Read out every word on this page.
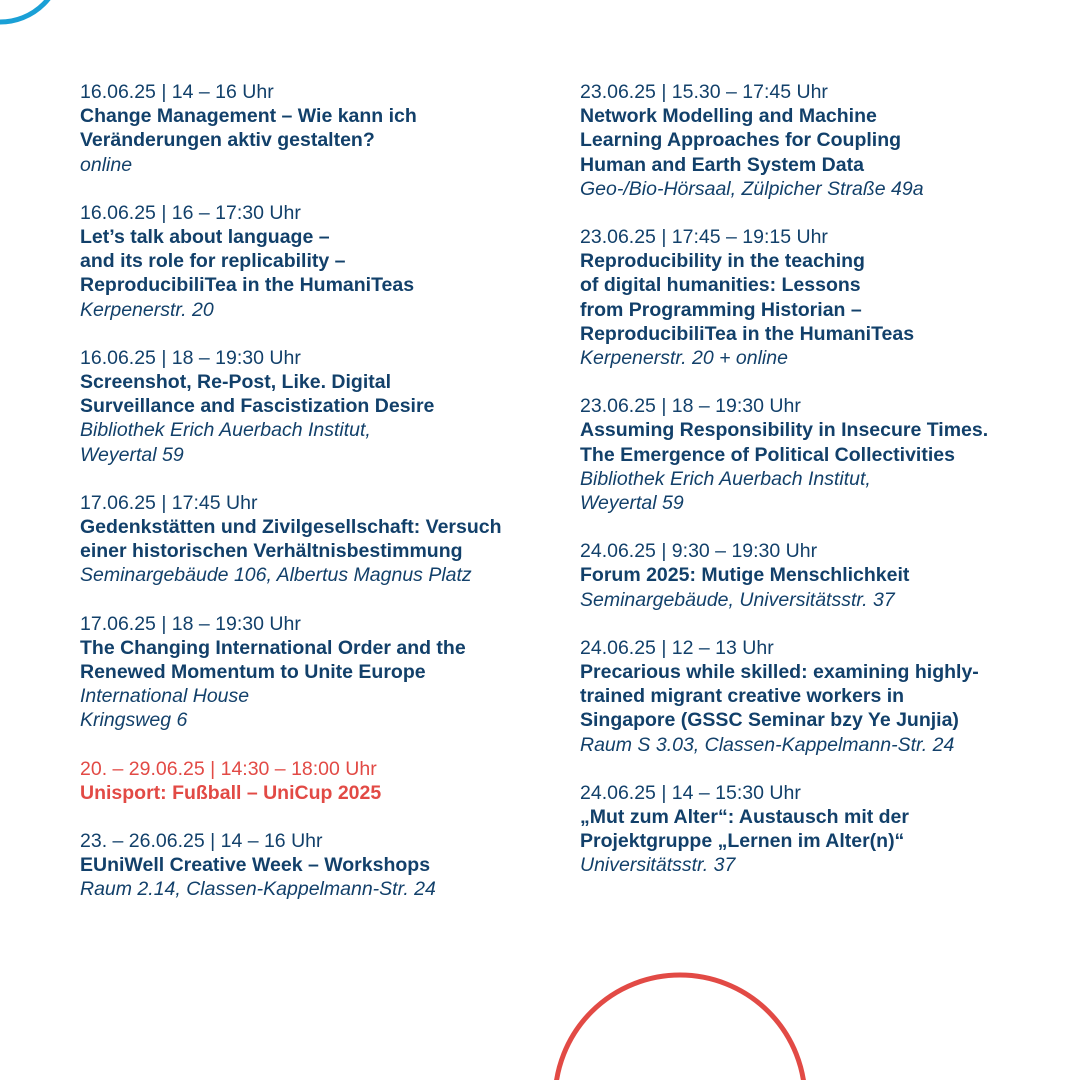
16.06.25 | 14 – 16 Uhr
Change Management – Wie kann ich
Veränderungen aktiv gestalten?
online
16.06.25 | 16 – 17:30 Uhr
Let’s talk about language –
and its role for replicability –
ReproducibiliTea in the HumaniTeas
Kerpenerstr. 20
16.06.25 | 18 – 19:30 Uhr
Screenshot, Re-Post, Like. Digital
Surveillance and Fascistization Desire
Bibliothek Erich Auerbach Institut,
Weyertal 59
17.06.25 | 17:45 Uhr
Gedenkstätten und Zivilgesellschaft: Versuch
einer historischen Verhältnisbestimmung
Seminargebäude 106, Albertus Magnus Platz
17.06.25 | 18 – 19:30 Uhr
The Changing International Order and the
Renewed Momentum to Unite Europe
International House
Kringsweg 6
20. – 29.06.25 | 14:30 – 18:00 Uhr
Unisport: Fußball – UniCup 2025
23. – 26.06.25 | 14 – 16 Uhr
EUniWell Creative Week – Workshops
Raum 2.14, Classen-Kappelmann-Str. 24
23.06.25 | 15.30 – 17:45 Uhr
Network Modelling and Machine
Learning Approaches for Coupling
Human and Earth System Data
Geo-/Bio-Hörsaal, Zülpicher Straße 49a
23.06.25 | 17:45 – 19:15 Uhr
Reproducibility in the teaching
of digital humanities: Lessons
from Programming Historian –
ReproducibiliTea in the HumaniTeas
Kerpenerstr. 20 + online
23.06.25 | 18 – 19:30 Uhr
Assuming Responsibility in Insecure Times.
The Emergence of Political Collectivities
Bibliothek Erich Auerbach Institut,
Weyertal 59
24.06.25 | 9:30 – 19:30 Uhr
Forum 2025: Mutige Menschlichkeit
Seminargebäude, Universitätsstr. 37
24.06.25 | 12 – 13 Uhr
Precarious while skilled: examining highly-
trained migrant creative workers in
Singapore (GSSC Seminar bzy Ye Junjia)
Raum S 3.03, Classen-Kappelmann-Str. 24
24.06.25 | 14 – 15:30 Uhr
„Mut zum Alter“: Austausch mit der
Projektgruppe „Lernen im Alter(n)“
Universitätsstr. 37
